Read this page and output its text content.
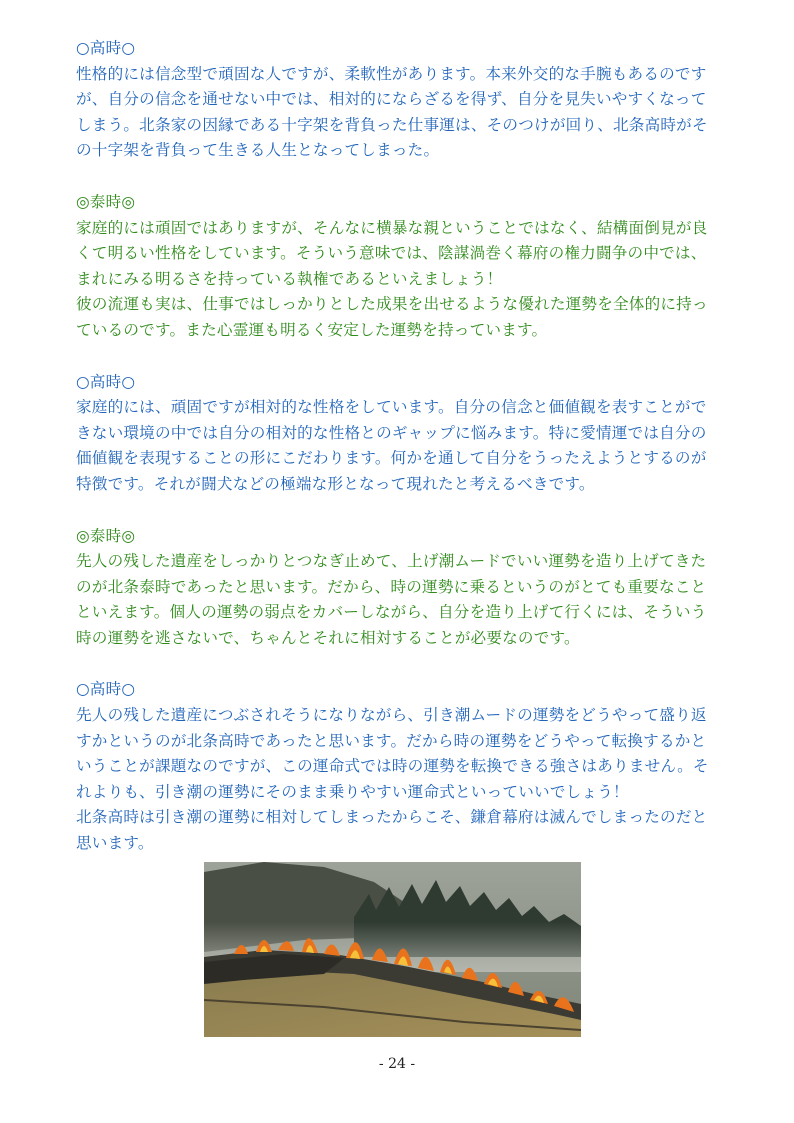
○高時○
性格的には信念型で頑固な人ですが、柔軟性があります。本来外交的な手腕もあるのです
が、自分の信念を通せない中では、相対的にならざるを得ず、自分を見失いやすくなって
しまう。北条家の因縁である十字架を背負った仕事運は、そのつけが回り、北条高時がそ
の十字架を背負って生きる人生となってしまった。
◎泰時◎
家庭的には頑固ではありますが、そんなに横暴な親ということではなく、結構面倒見が良
くて明るい性格をしています。そういう意味では、陰謀渦巻く幕府の権力闘争の中では、
まれにみる明るさを持っている執権であるといえましょう！
彼の流運も実は、仕事ではしっかりとした成果を出せるような優れた運勢を全体的に持っ
ているのです。また心霊運も明るく安定した運勢を持っています。
○高時○
家庭的には、頑固ですが相対的な性格をしています。自分の信念と価値観を表すことがで
きない環境の中では自分の相対的な性格とのギャップに悩みます。特に愛情運では自分の
価値観を表現することの形にこだわります。何かを通して自分をうったえようとするのが
特徴です。それが闘犬などの極端な形となって現れたと考えるべきです。
◎泰時◎
先人の残した遺産をしっかりとつなぎ止めて、上げ潮ムードでいい運勢を造り上げてきた
のが北条泰時であったと思います。だから、時の運勢に乗るというのがとても重要なこと
といえます。個人の運勢の弱点をカバーしながら、自分を造り上げて行くには、そういう
時の運勢を逃さないで、ちゃんとそれに相対することが必要なのです。
○高時○
先人の残した遺産につぶされそうになりながら、引き潮ムードの運勢をどうやって盛り返
すかというのが北条高時であったと思います。だから時の運勢をどうやって転換するかと
いうことが課題なのですが、この運命式では時の運勢を転換できる強さはありません。そ
れよりも、引き潮の運勢にそのまま乗りやすい運命式といっていいでしょう！
北条高時は引き潮の運勢に相対してしまったからこそ、鎌倉幕府は滅んでしまったのだと
思います。
- 24 -
